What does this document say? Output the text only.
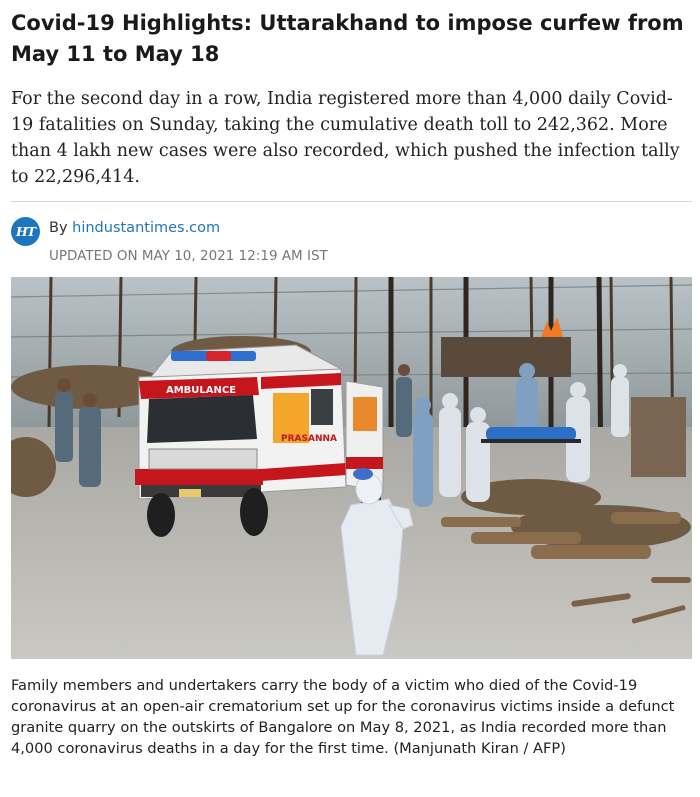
Covid-19 Highlights: Uttarakhand to impose curfew from May 11 to May 18

For the second day in a row, India registered more than 4,000 daily Covid-19 fatalities on Sunday, taking the cumulative death toll to 242,362. More than 4 lakh new cases were also recorded, which pushed the infection tally to 22,296,414.

HT By hindustantimes.com
UPDATED ON MAY 10, 2021 12:19 AM IST
AMBULANCE
PRASANNA

Family members and undertakers carry the body of a victim who died of the Covid-19 coronavirus at an open-air crematorium set up for the coronavirus victims inside a defunct granite quarry on the outskirts of Bangalore on May 8, 2021, as India recorded more than 4,000 coronavirus deaths in a day for the first time. (Manjunath Kiran / AFP)
